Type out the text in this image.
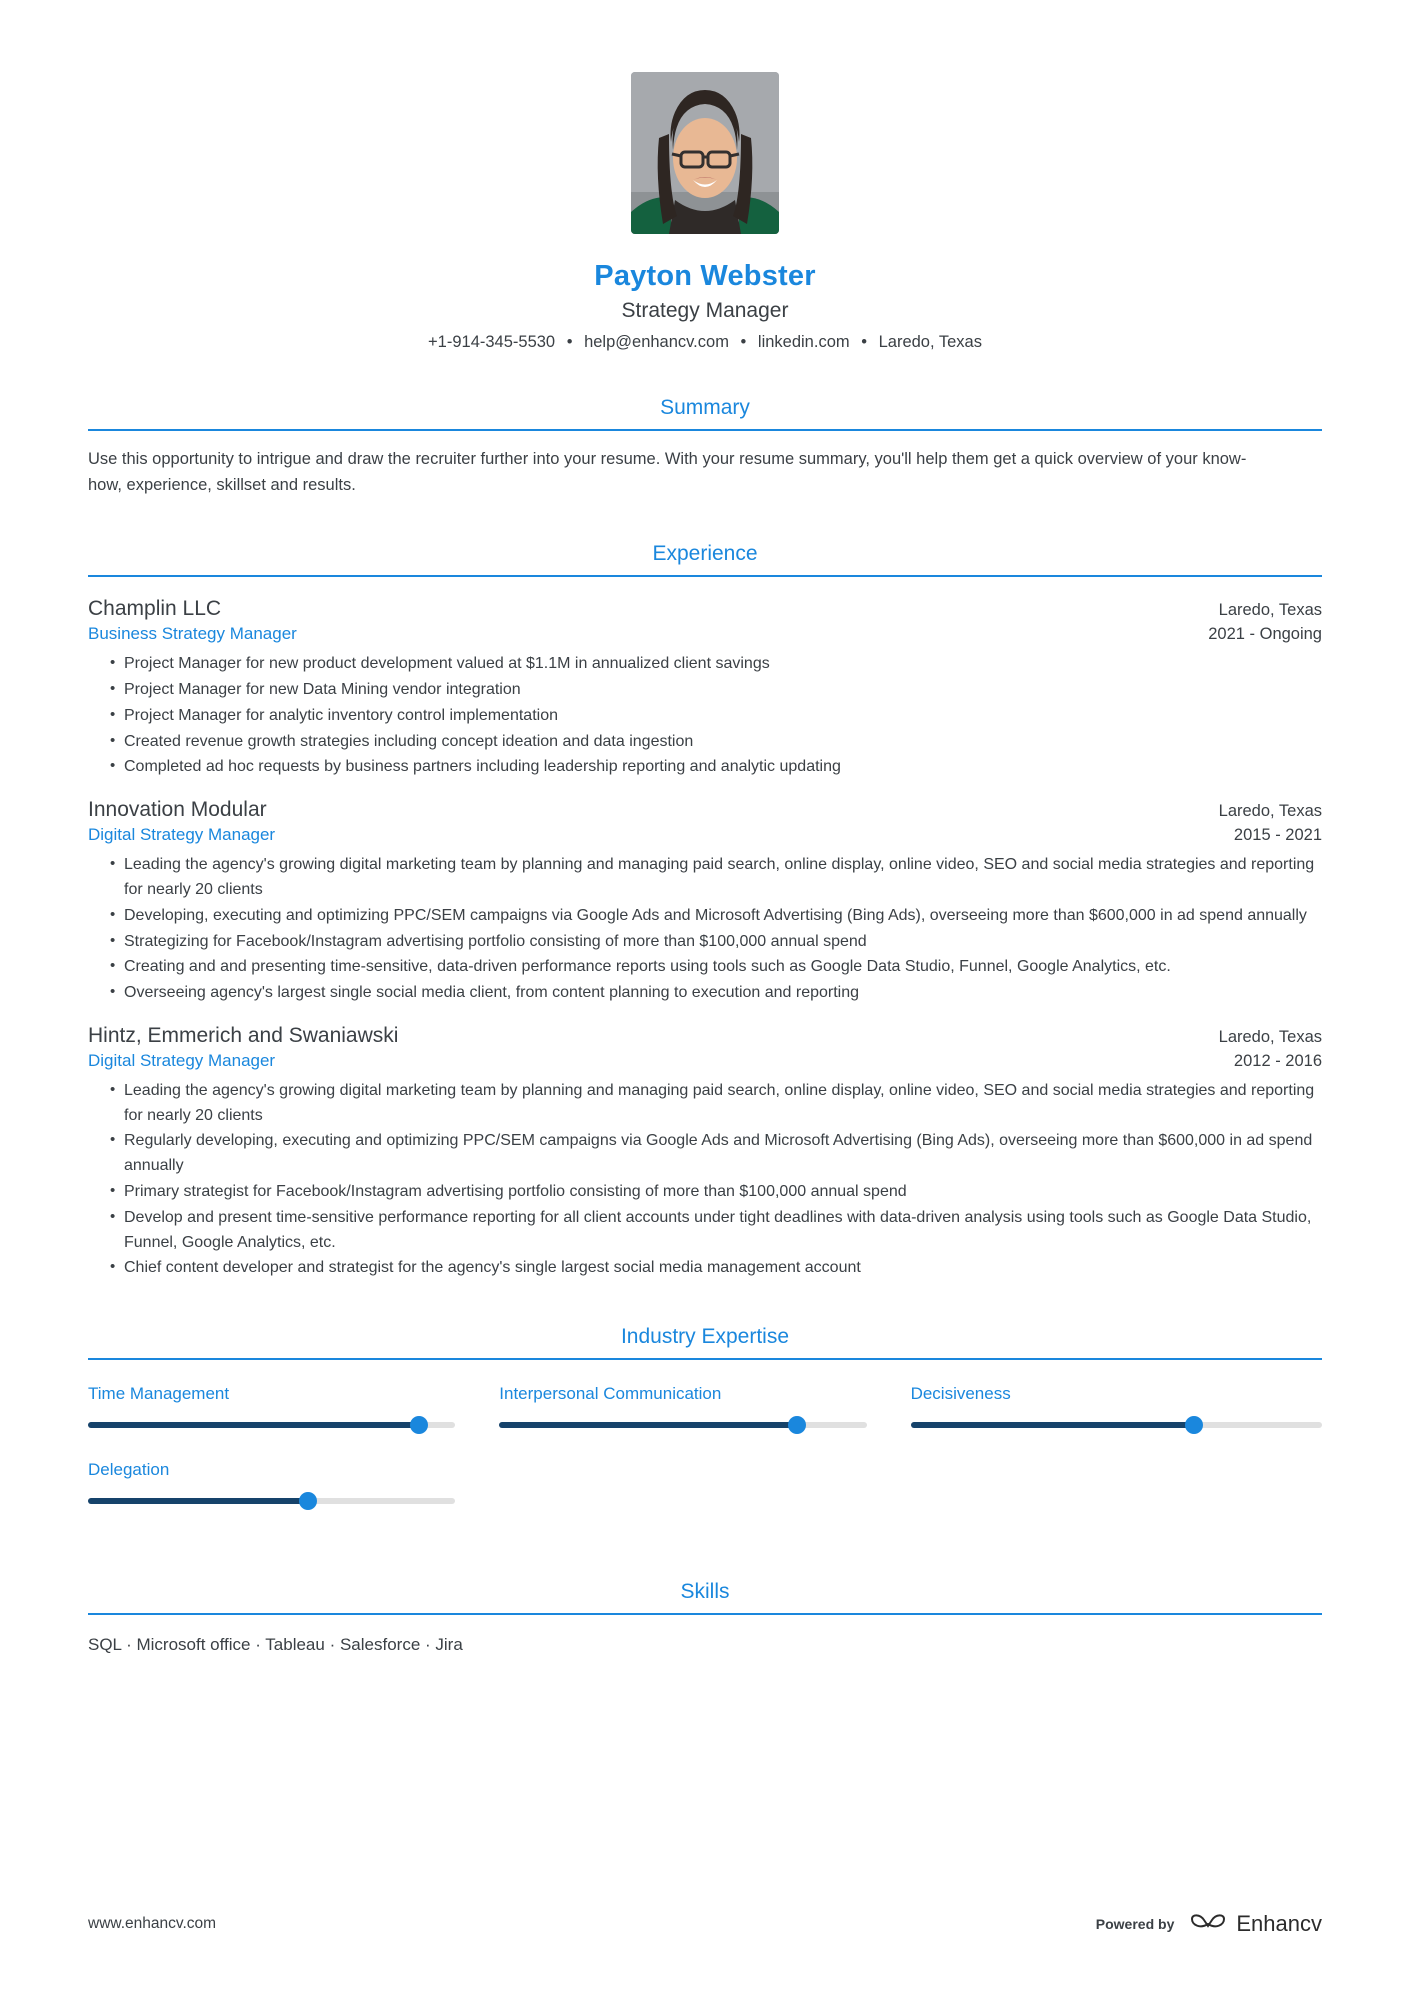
Payton Webster
Strategy Manager
+1-914-345-5530 • help@enhancv.com • linkedin.com • Laredo, Texas
Summary

Use this opportunity to intrigue and draw the recruiter further into your resume. With your resume summary, you'll help them get a quick overview of your know-how, experience, skillset and results.

Experience
Champlin LLC	Laredo, Texas
Business Strategy Manager	2021 - Ongoing
• Project Manager for new product development valued at $1.1M in annualized client savings
• Project Manager for new Data Mining vendor integration
• Project Manager for analytic inventory control implementation
• Created revenue growth strategies including concept ideation and data ingestion
• Completed ad hoc requests by business partners including leadership reporting and analytic updating
Innovation Modular	Laredo, Texas
Digital Strategy Manager	2015 - 2021
• Leading the agency's growing digital marketing team by planning and managing paid search, online display, online video, SEO and social media strategies and reporting for nearly 20 clients
• Developing, executing and optimizing PPC/SEM campaigns via Google Ads and Microsoft Advertising (Bing Ads), overseeing more than $600,000 in ad spend annually
• Strategizing for Facebook/Instagram advertising portfolio consisting of more than $100,000 annual spend
• Creating and and presenting time-sensitive, data-driven performance reports using tools such as Google Data Studio, Funnel, Google Analytics, etc.
• Overseeing agency's largest single social media client, from content planning to execution and reporting
Hintz, Emmerich and Swaniawski	Laredo, Texas
Digital Strategy Manager	2012 - 2016
• Leading the agency's growing digital marketing team by planning and managing paid search, online display, online video, SEO and social media strategies and reporting for nearly 20 clients
• Regularly developing, executing and optimizing PPC/SEM campaigns via Google Ads and Microsoft Advertising (Bing Ads), overseeing more than $600,000 in ad spend annually
• Primary strategist for Facebook/Instagram advertising portfolio consisting of more than $100,000 annual spend
• Develop and present time-sensitive performance reporting for all client accounts under tight deadlines with data-driven analysis using tools such as Google Data Studio, Funnel, Google Analytics, etc.
• Chief content developer and strategist for the agency's single largest social media management account
Industry Expertise
Time Management	Interpersonal Communication	Decisiveness
Delegation
Skills
SQL · Microsoft office · Tableau · Salesforce · Jira
www.enhancv.com	Powered by	Enhancv
